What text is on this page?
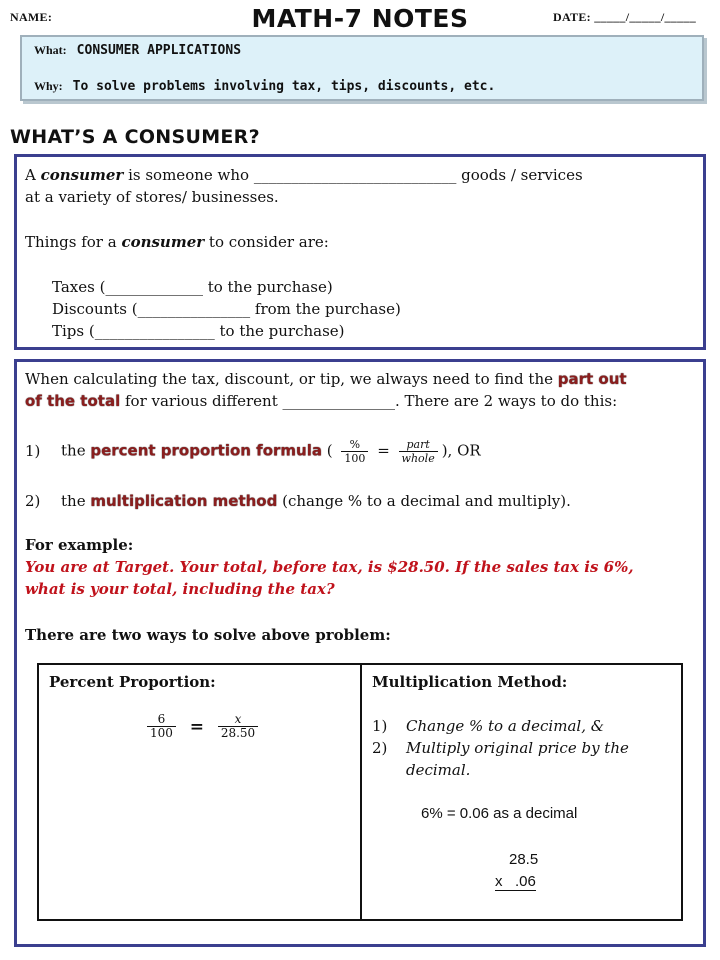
NAME:	MATH-7 NOTES	DATE: _____/_____/_____
What: CONSUMER APPLICATIONS
Why: To solve problems involving tax, tips, discounts, etc.
WHAT’S A CONSUMER?
A consumer is someone who ___________________________ goods / services
at a variety of stores/ businesses.
Things for a consumer to consider are:
Taxes (_____________ to the purchase)
Discounts (_______________ from the purchase)
Tips (________________ to the purchase)
When calculating the tax, discount, or tip, we always need to find the part out
of the total for various different _______________. There are 2 ways to do this:
1) the percent proportion formula ( $\frac{\%}{100} = \frac{\text{part}}{\text{whole}}$ ), OR
2) the multiplication method (change % to a decimal and multiply).
For example:
You are at Target. Your total, before tax, is $28.50. If the sales tax is 6%,
what is your total, including the tax?
There are two ways to solve above problem:
Percent Proportion:
$\frac{6}{100} = \frac{x}{28.50}$
Multiplication Method:
1) Change % to a decimal, &
2) Multiply original price by the
decimal.
6% = 0.06 as a decimal
28.5
x   .06
